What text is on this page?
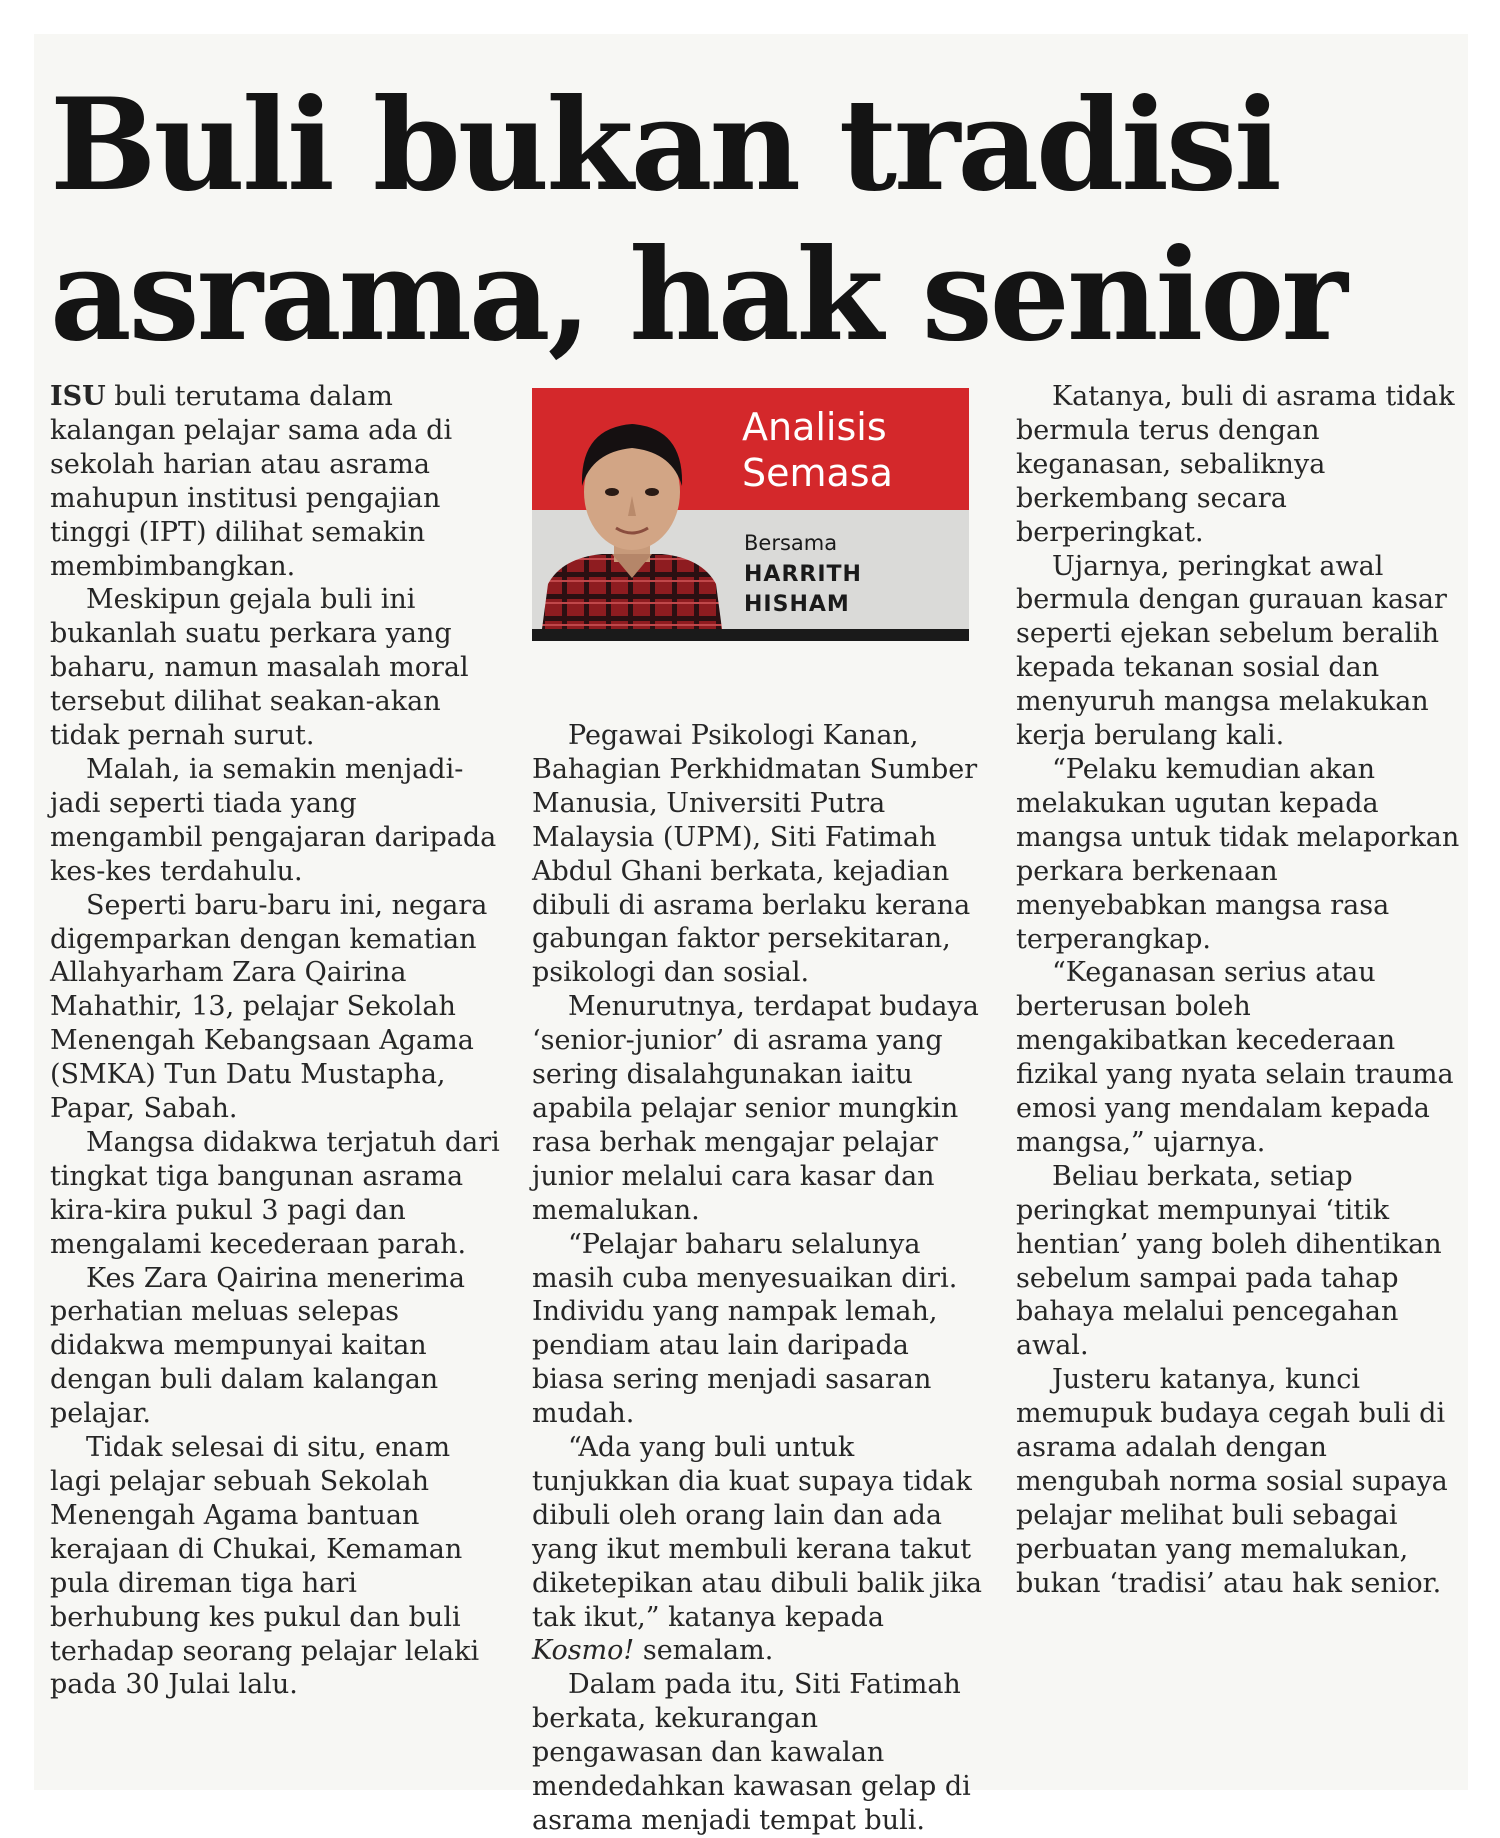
Buli bukan tradisi
asrama, hak senior
Analisis
Semasa
Bersama
HARRITH
HISHAM

ISU buli terutama dalam kalangan pelajar sama ada di sekolah harian atau asrama mahupun institusi pengajian tinggi (IPT) dilihat semakin membimbangkan.

Meskipun gejala buli ini bukanlah suatu perkara yang baharu, namun masalah moral tersebut dilihat seakan-akan tidak pernah surut.

Malah, ia semakin menjadi-jadi seperti tiada yang mengambil pengajaran daripada kes-kes terdahulu.

Seperti baru-baru ini, negara digemparkan dengan kematian Allahyarham Zara Qairina Mahathir, 13, pelajar Sekolah Menengah Kebangsaan Agama (SMKA) Tun Datu Mustapha, Papar, Sabah.

Mangsa didakwa terjatuh dari tingkat tiga bangunan asrama kira-kira pukul 3 pagi dan mengalami kecederaan parah.

Kes Zara Qairina menerima perhatian meluas selepas didakwa mempunyai kaitan dengan buli dalam kalangan pelajar.

Tidak selesai di situ, enam lagi pelajar sebuah Sekolah Menengah Agama bantuan kerajaan di Chukai, Kemaman pula direman tiga hari berhubung kes pukul dan buli terhadap seorang pelajar lelaki pada 30 Julai lalu.

Pegawai Psikologi Kanan, Bahagian Perkhidmatan Sumber Manusia, Universiti Putra Malaysia (UPM), Siti Fatimah Abdul Ghani berkata, kejadian dibuli di asrama berlaku kerana gabungan faktor persekitaran, psikologi dan sosial.

Menurutnya, terdapat budaya ‘senior-junior’ di asrama yang sering disalahgunakan iaitu apabila pelajar senior mungkin rasa berhak mengajar pelajar junior melalui cara kasar dan memalukan.

“Pelajar baharu selalunya masih cuba menyesuaikan diri. Individu yang nampak lemah, pendiam atau lain daripada biasa sering menjadi sasaran mudah.

“Ada yang buli untuk tunjukkan dia kuat supaya tidak dibuli oleh orang lain dan ada yang ikut membuli kerana takut diketepikan atau dibuli balik jika tak ikut,” katanya kepada Kosmo! semalam.

Dalam pada itu, Siti Fatimah berkata, kekurangan pengawasan dan kawalan mendedahkan kawasan gelap di asrama menjadi tempat buli.

Katanya, buli di asrama tidak bermula terus dengan keganasan, sebaliknya berkembang secara berperingkat.

Ujarnya, peringkat awal bermula dengan gurauan kasar seperti ejekan sebelum beralih kepada tekanan sosial dan menyuruh mangsa melakukan kerja berulang kali.

“Pelaku kemudian akan melakukan ugutan kepada mangsa untuk tidak melaporkan perkara berkenaan menyebabkan mangsa rasa terperangkap.

“Keganasan serius atau berterusan boleh mengakibatkan kecederaan fizikal yang nyata selain trauma emosi yang mendalam kepada mangsa,” ujarnya.

Beliau berkata, setiap peringkat mempunyai ‘titik hentian’ yang boleh dihentikan sebelum sampai pada tahap bahaya melalui pencegahan awal.

Justeru katanya, kunci memupuk budaya cegah buli di asrama adalah dengan mengubah norma sosial supaya pelajar melihat buli sebagai perbuatan yang memalukan, bukan ‘tradisi’ atau hak senior.
